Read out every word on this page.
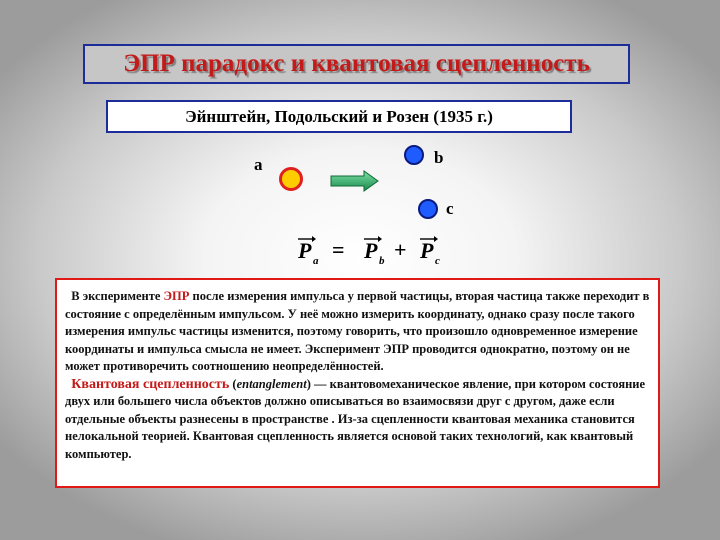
ЭПР парадокс и квантовая сцепленность
Эйнштейн, Подольский и Розен (1935 г.)
a	b
c
P a = P b + P c

В эксперименте ЭПР после измерения импульса у первой частицы, вторая частица также переходит в состояние с определённым импульсом. У неё можно измерить координату, однако сразу после такого измерения импульс частицы изменится, поэтому говорить, что произошло одновременное измерение координаты и импульса смысла не имеет. Эксперимент ЭПР проводится однократно, поэтому он не может противоречить соотношению неопределённостей.

Квантовая сцепленность (entanglement) — квантовомеханическое явление, при котором состояние двух или большего числа объектов должно описываться во взаимосвязи друг с другом, даже если отдельные объекты разнесены в пространстве . Из-за сцепленности квантовая механика становится нелокальной теорией. Квантовая сцепленность является основой таких технологий, как квантовый компьютер.
